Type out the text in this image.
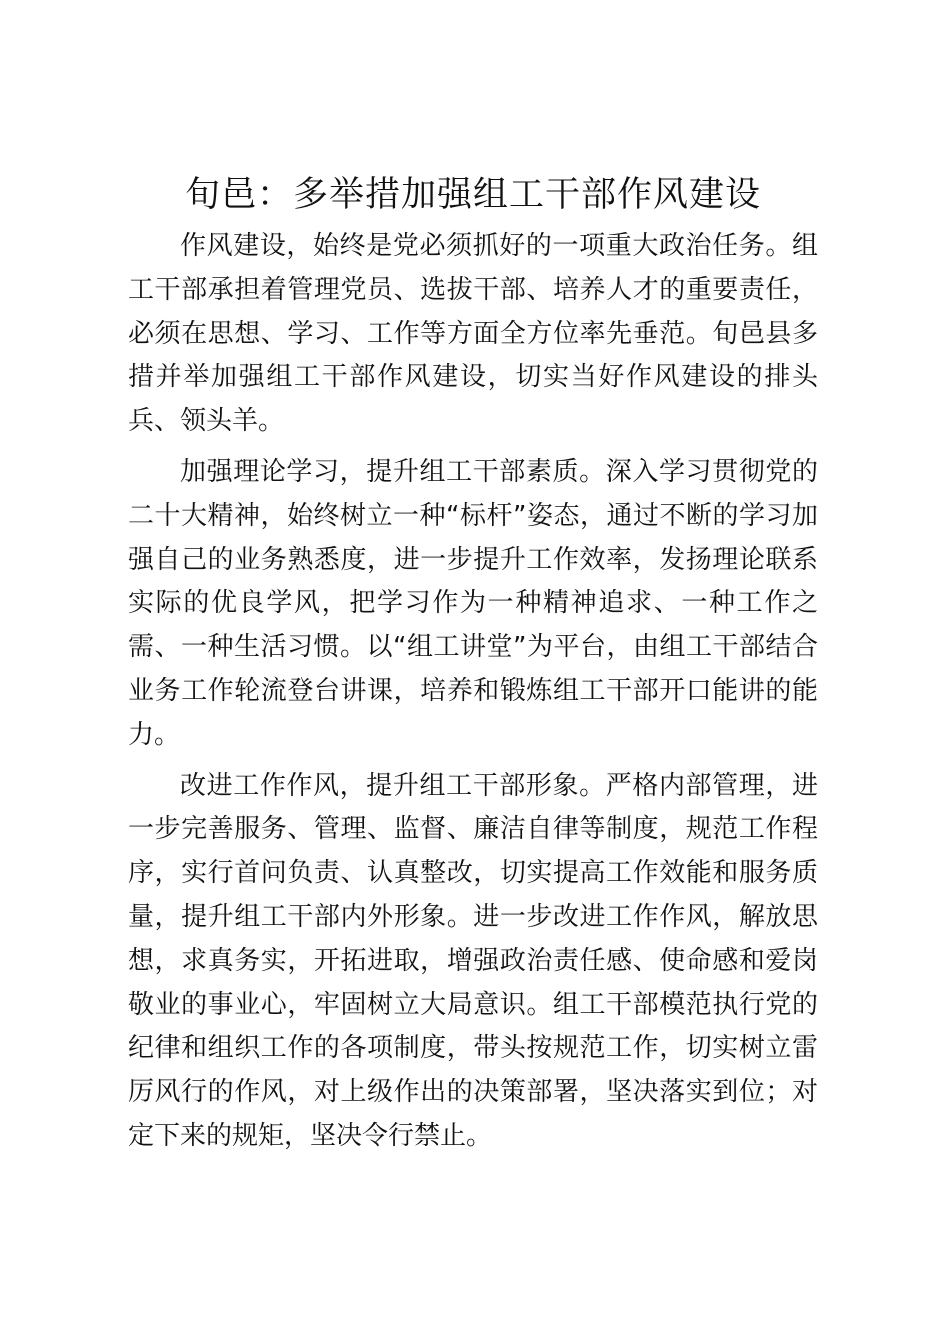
旬邑：多举措加强组工干部作风建设

作风建设，始终是党必须抓好的一项重大政治任务。组工干部承担着管理党员、选拔干部、培养人才的重要责任，必须在思想、学习、工作等方面全方位率先垂范。旬邑县多措并举加强组工干部作风建设，切实当好作风建设的排头兵、领头羊。

加强理论学习，提升组工干部素质。深入学习贯彻党的二十大精神，始终树立一种“标杆”姿态，通过不断的学习加强自己的业务熟悉度，进一步提升工作效率，发扬理论联系实际的优良学风，把学习作为一种精神追求、一种工作之需、一种生活习惯。以“组工讲堂”为平台，由组工干部结合业务工作轮流登台讲课，培养和锻炼组工干部开口能讲的能力。

改进工作作风，提升组工干部形象。严格内部管理，进一步完善服务、管理、监督、廉洁自律等制度，规范工作程序，实行首问负责、认真整改，切实提高工作效能和服务质量，提升组工干部内外形象。进一步改进工作作风，解放思想，求真务实，开拓进取，增强政治责任感、使命感和爱岗敬业的事业心，牢固树立大局意识。组工干部模范执行党的纪律和组织工作的各项制度，带头按规范工作，切实树立雷厉风行的作风，对上级作出的决策部署，坚决落实到位；对定下来的规矩，坚决令行禁止。
